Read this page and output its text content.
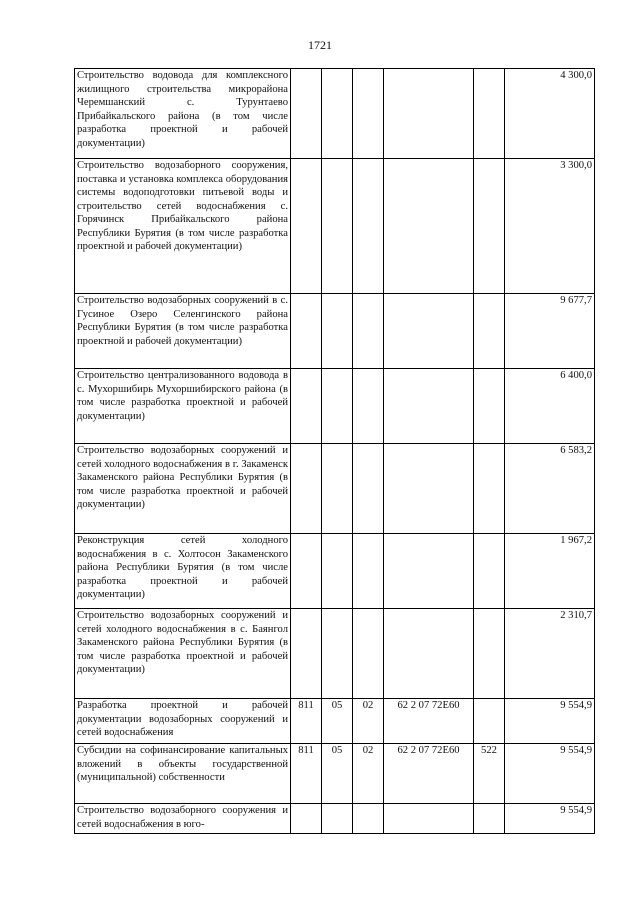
1721
Строительство водовода для комплексного жилищного строительства микрорайона Черемшанский с. Турунтаево Прибайкальского района (в том числе разработка проектной и рабочей документации)						4 300,0
Строительство водозаборного сооружения, поставка и установка комплекса оборудования системы водоподготовки питьевой воды и строительство сетей водоснабжения с. Горячинск Прибайкальского района Республики Бурятия (в том числе разработка проектной и рабочей документации)						3 300,0
Строительство водозаборных сооружений в с. Гусиное Озеро Селенгинского района Республики Бурятия (в том числе разработка проектной и рабочей документации)						9 677,7
Строительство централизованного водовода в с. Мухоршибирь Мухоршибирского района (в том числе разработка проектной и рабочей документации)						6 400,0
Строительство водозаборных сооружений и сетей холодного водоснабжения в г. Закаменск Закаменского района Республики Бурятия (в том числе разработка проектной и рабочей документации)						6 583,2
Реконструкция сетей холодного водоснабжения в с. Холтосон Закаменского района Республики Бурятия (в том числе разработка проектной и рабочей документации)						1 967,2
Строительство водозаборных сооружений и сетей холодного водоснабжения в с. Баянгол Закаменского района Республики Бурятия (в том числе разработка проектной и рабочей документации)						2 310,7
Разработка проектной и рабочей документации водозаборных сооружений и сетей водоснабжения	811	05	02	62 2 07 72Е60		9 554,9
Субсидии на софинансирование капитальных вложений в объекты государственной (муниципальной) собственности	811	05	02	62 2 07 72Е60	522	9 554,9
Строительство водозаборного сооружения и сетей водоснабжения в юго-						9 554,9
